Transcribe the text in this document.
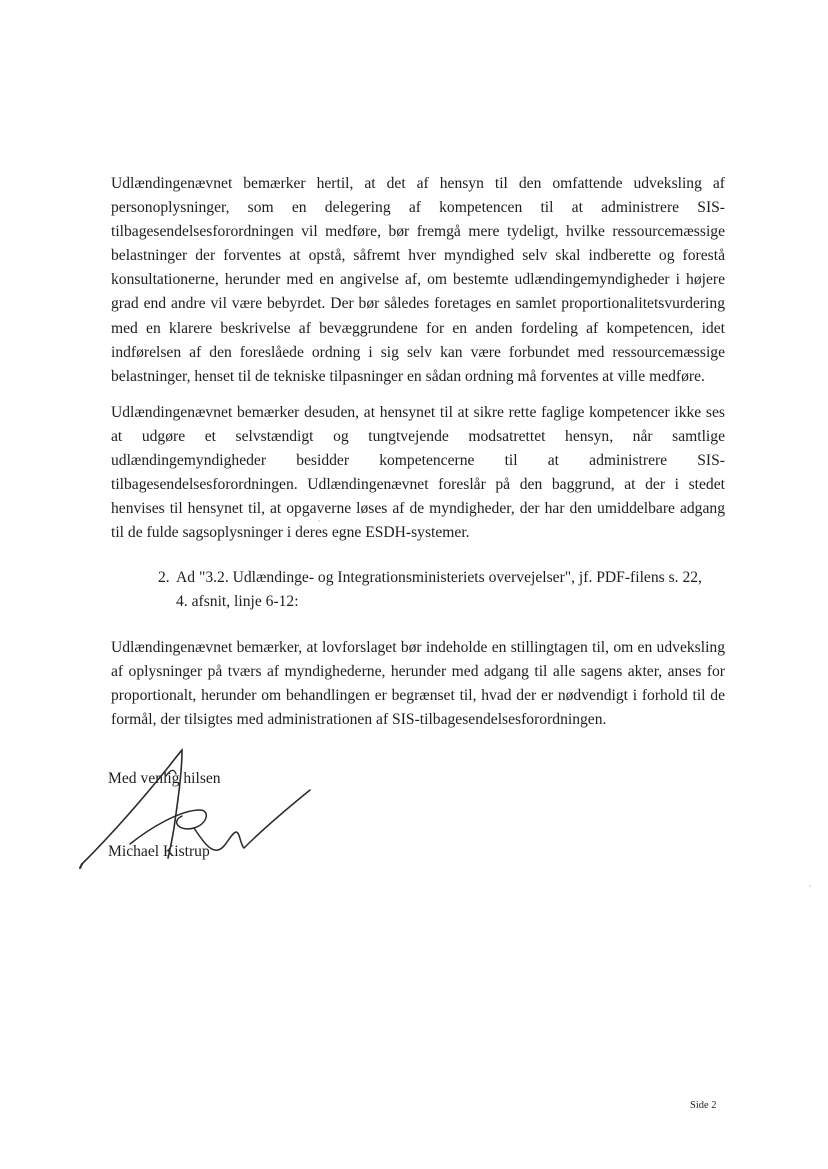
Udlændingenævnet bemærker hertil, at det af hensyn til den omfattende udveksling af personoplysninger, som en delegering af kompetencen til at administrere SIS-tilbagesendelsesforordningen vil medføre, bør fremgå mere tydeligt, hvilke ressourcemæssige belastninger der forventes at opstå, såfremt hver myndighed selv skal indberette og forestå konsultationerne, herunder med en angivelse af, om bestemte udlændingemyndigheder i højere grad end andre vil være bebyrdet. Der bør således foretages en samlet proportionalitetsvurdering med en klarere beskrivelse af bevæggrundene for en anden fordeling af kompetencen, idet indførelsen af den foreslåede ordning i sig selv kan være forbundet med ressourcemæssige belastninger, henset til de tekniske tilpasninger en sådan ordning må forventes at ville medføre.

Udlændingenævnet bemærker desuden, at hensynet til at sikre rette faglige kompetencer ikke ses at udgøre et selvstændigt og tungtvejende modsatrettet hensyn, når samtlige udlændingemyndigheder besidder kompetencerne til at administrere SIS-tilbagesendelsesforordningen. Udlændingenævnet foreslår på den baggrund, at der i stedet henvises til hensynet til, at opgaverne løses af de myndigheder, der har den umiddelbare adgang til de fulde sagsoplysninger i deres egne ESDH-systemer.

2. Ad "3.2. Udlændinge- og Integrationsministeriets overvejelser", jf. PDF-filens s. 22,
4. afsnit, linje 6-12:

Udlændingenævnet bemærker, at lovforslaget bør indeholde en stillingtagen til, om en udveksling af oplysninger på tværs af myndighederne, herunder med adgang til alle sagens akter, anses for proportionalt, herunder om behandlingen er begrænset til, hvad der er nødvendigt i forhold til de formål, der tilsigtes med administrationen af SIS-tilbagesendelsesforordningen.

Med venlig hilsen

Michael Kistrup

Side 2
